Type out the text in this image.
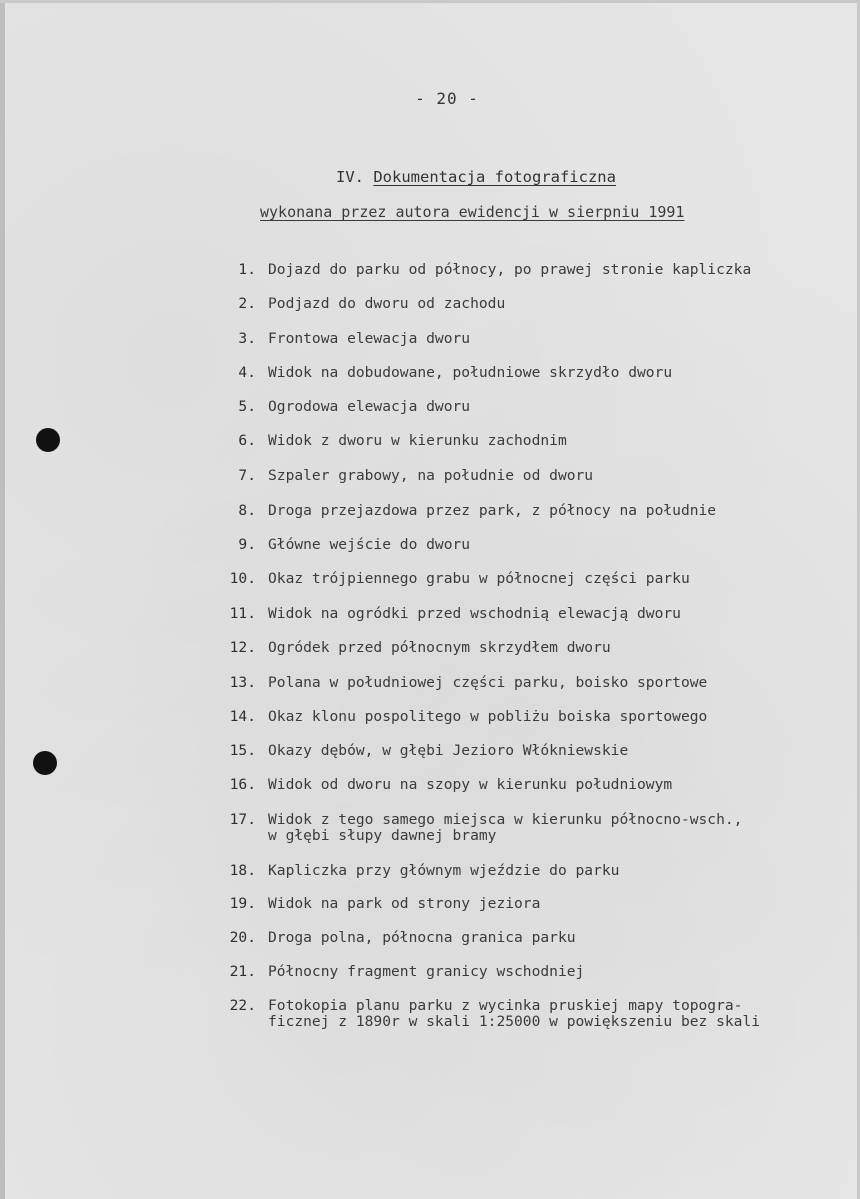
- 20 -
IV. Dokumentacja fotograficzna
wykonana przez autora ewidencji w sierpniu 1991
1. Dojazd do parku od północy, po prawej stronie kapliczka
2. Podjazd do dworu od zachodu
3. Frontowa elewacja dworu
4. Widok na dobudowane, południowe skrzydło dworu
5. Ogrodowa elewacja dworu
6. Widok z dworu w kierunku zachodnim
7. Szpaler grabowy, na południe od dworu
8. Droga przejazdowa przez park, z północy na południe
9. Główne wejście do dworu
10. Okaz trójpiennego grabu w północnej części parku
11. Widok na ogródki przed wschodnią elewacją dworu
12. Ogródek przed północnym skrzydłem dworu
13. Polana w południowej części parku, boisko sportowe
14. Okaz klonu pospolitego w pobliżu boiska sportowego
15. Okazy dębów, w głębi Jezioro Włókniewskie
16. Widok od dworu na szopy w kierunku południowym
17. Widok z tego samego miejsca w kierunku północno-wsch.,
w głębi słupy dawnej bramy
18. Kapliczka przy głównym wjeździe do parku
19. Widok na park od strony jeziora
20. Droga polna, północna granica parku
21. Północny fragment granicy wschodniej
22. Fotokopia planu parku z wycinka pruskiej mapy topogra-
ficznej z 1890r w skali 1:25000 w powiększeniu bez skali
